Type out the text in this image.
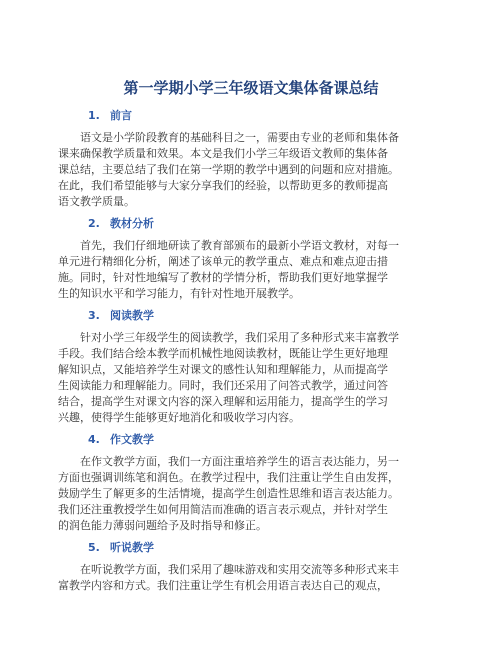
第一学期小学三年级语文集体备课总结
1. 前言
语文是小学阶段教育的基础科目之一，需要由专业的老师和集体备
课来确保教学质量和效果。本文是我们小学三年级语文教师的集体备
课总结，主要总结了我们在第一学期的教学中遇到的问题和应对措施。
在此，我们希望能够与大家分享我们的经验，以帮助更多的教师提高
语文教学质量。
2. 教材分析
首先，我们仔细地研读了教育部颁布的最新小学语文教材，对每一
单元进行精细化分析，阐述了该单元的教学重点、难点和难点迎击措
施。同时，针对性地编写了教材的学情分析，帮助我们更好地掌握学
生的知识水平和学习能力，有针对性地开展教学。
3. 阅读教学
针对小学三年级学生的阅读教学，我们采用了多种形式来丰富教学
手段。我们结合绘本教学而机械性地阅读教材，既能让学生更好地理
解知识点，又能培养学生对课文的感性认知和理解能力，从而提高学
生阅读能力和理解能力。同时，我们还采用了问答式教学，通过问答
结合，提高学生对课文内容的深入理解和运用能力，提高学生的学习
兴趣，使得学生能够更好地消化和吸收学习内容。
4. 作文教学
在作文教学方面，我们一方面注重培养学生的语言表达能力，另一
方面也强调训练笔和润色。在教学过程中，我们注重让学生自由发挥，
鼓励学生了解更多的生活情境，提高学生创造性思维和语言表达能力。
我们还注重教授学生如何用简洁而准确的语言表示观点，并针对学生
的润色能力薄弱问题给予及时指导和修正。
5. 听说教学
在听说教学方面，我们采用了趣味游戏和实用交流等多种形式来丰
富教学内容和方式。我们注重让学生有机会用语言表达自己的观点，
